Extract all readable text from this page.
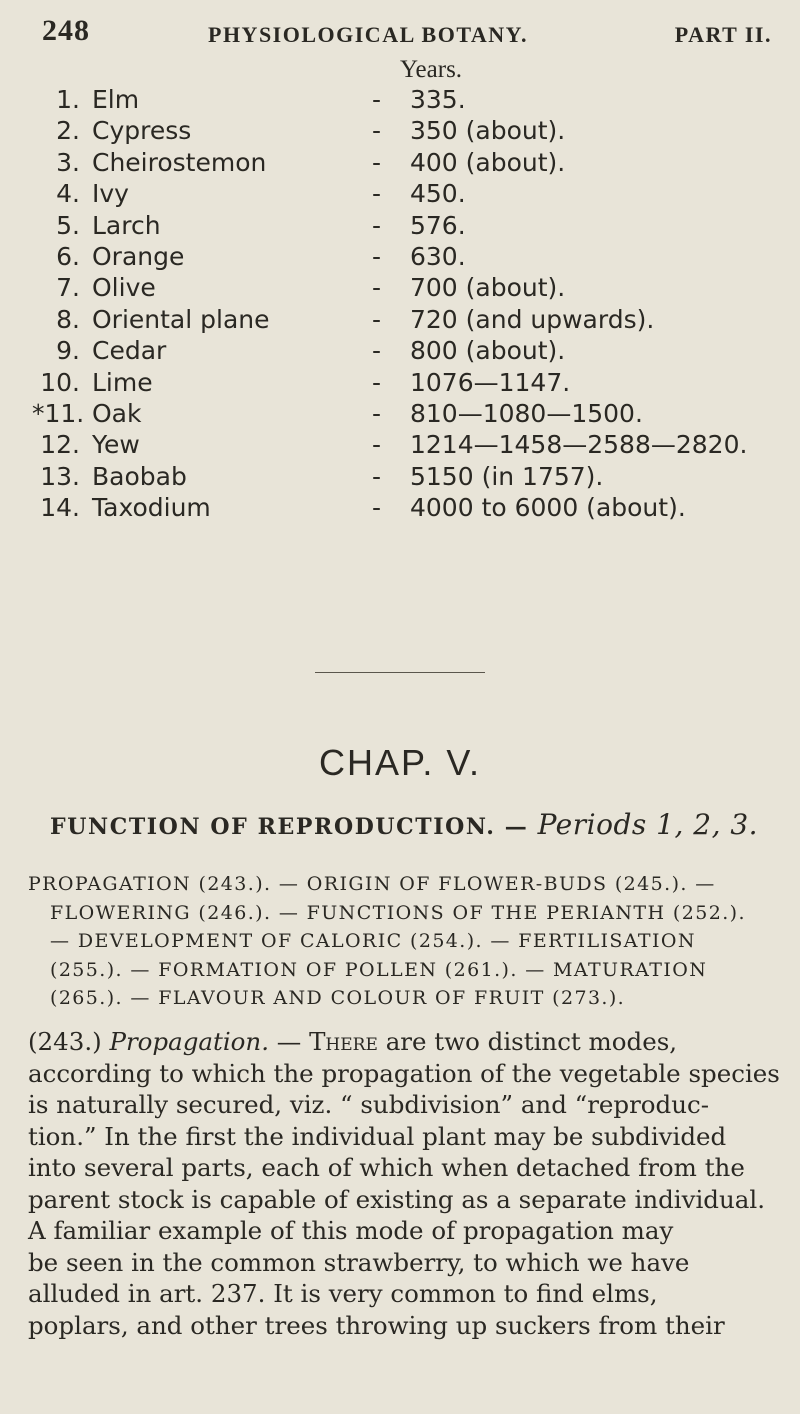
248	PHYSIOLOGICAL BOTANY.	PART II.
Years.
1. Elm	- 335.
2. Cypress	- 350 (about).
3. Cheirostemon	- 400 (about).
4. Ivy	- 450.
5. Larch	- 576.
6. Orange	- 630.
7. Olive	- 700 (about).
8. Oriental plane	- 720 (and upwards).
9. Cedar	- 800 (about).
10. Lime	- 1076—1147.
*11. Oak	- 810—1080—1500.
12. Yew	- 1214—1458—2588—2820.
13. Baobab	- 5150 (in 1757).
14. Taxodium	- 4000 to 6000 (about).
CHAP. V.
FUNCTION OF REPRODUCTION. — Periods 1, 2, 3.
PROPAGATION (243.). — ORIGIN OF FLOWER-BUDS (245.). —
FLOWERING (246.). — FUNCTIONS OF THE PERIANTH (252.).
— DEVELOPMENT OF CALORIC (254.). — FERTILISATION
(255.). — FORMATION OF POLLEN (261.). — MATURATION
(265.). — FLAVOUR AND COLOUR OF FRUIT (273.).
(243.) Propagation. — There are two distinct modes,
according to which the propagation of the vegetable species
is naturally secured, viz. “ subdivision” and “reproduc-
tion.” In the first the individual plant may be subdivided
into several parts, each of which when detached from the
parent stock is capable of existing as a separate individual.
A familiar example of this mode of propagation may
be seen in the common strawberry, to which we have
alluded in art. 237. It is very common to find elms,
poplars, and other trees throwing up suckers from their
